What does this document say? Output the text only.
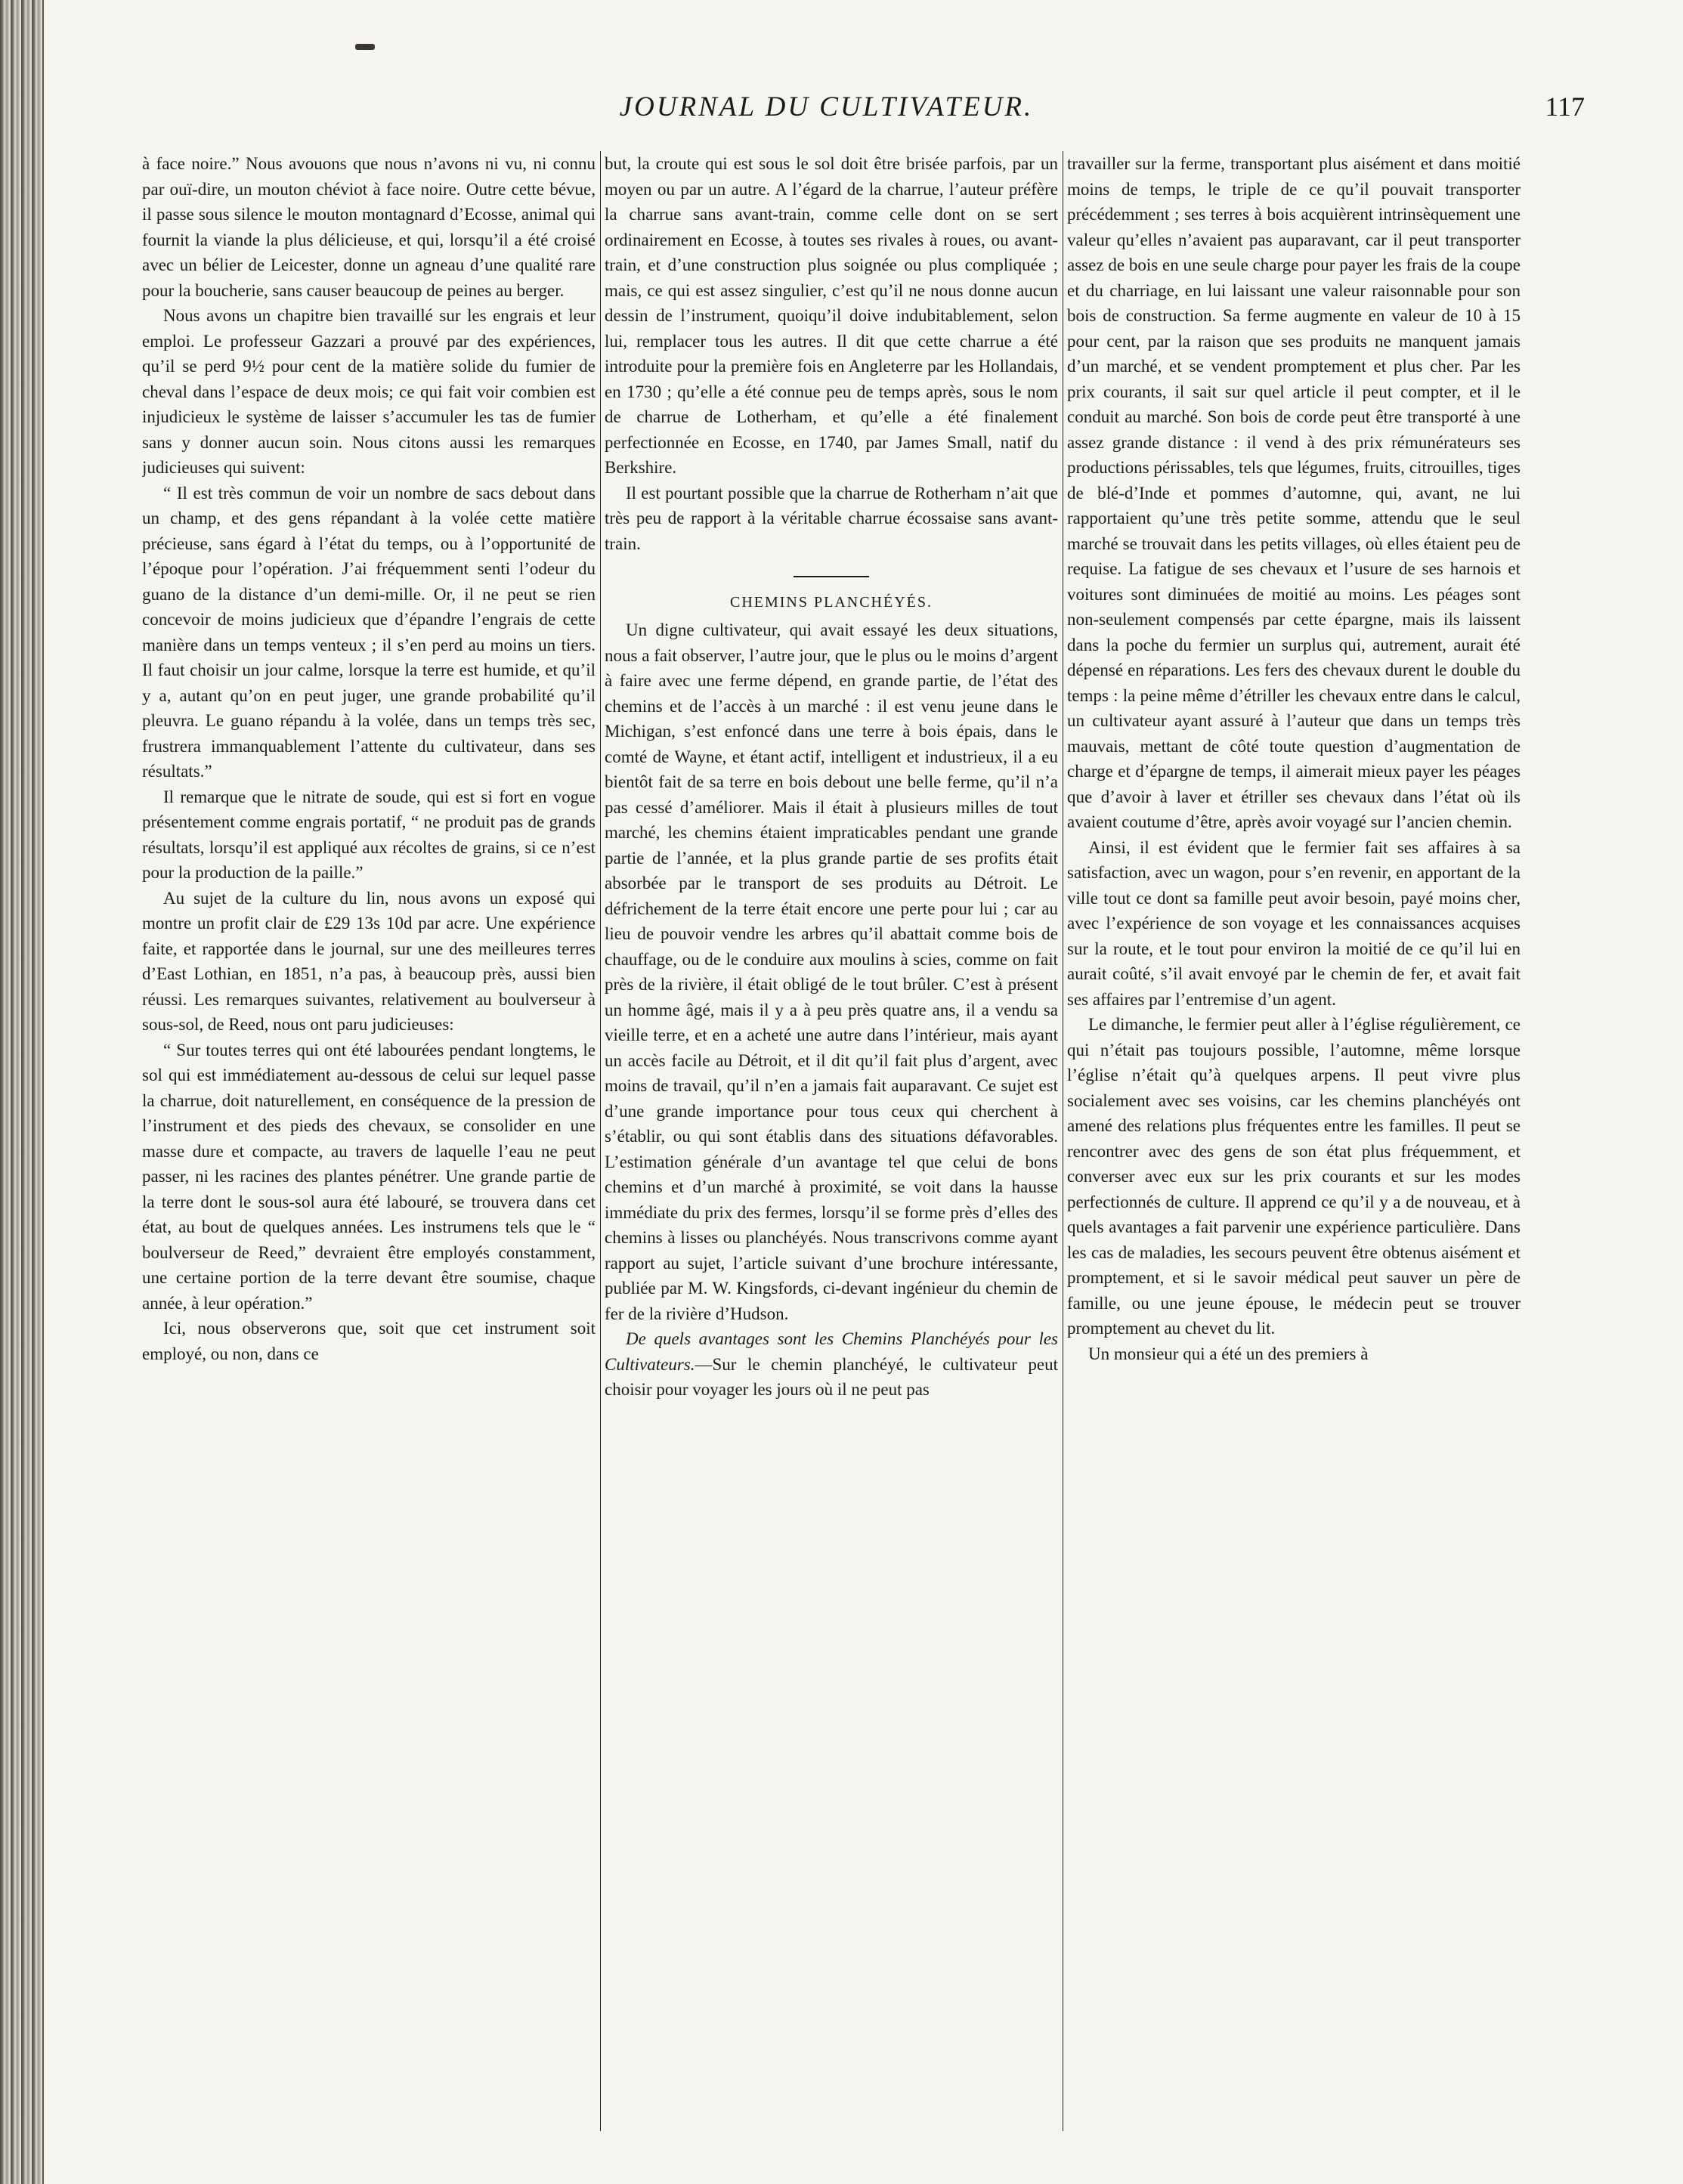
JOURNAL DU CULTIVATEUR.	117

à face noire.” Nous avouons que nous n’avons ni vu, ni connu par ouï-dire, un mouton chéviot à face noire. Outre cette bévue, il passe sous silence le mouton montagnard d’Ecosse, animal qui fournit la viande la plus délicieuse, et qui, lorsqu’il a été croisé avec un bélier de Leicester, donne un agneau d’une qualité rare pour la boucherie, sans causer beaucoup de peines au berger.

Nous avons un chapitre bien travaillé sur les engrais et leur emploi. Le professeur Gazzari a prouvé par des expériences, qu’il se perd 9½ pour cent de la matière solide du fumier de cheval dans l’espace de deux mois; ce qui fait voir combien est injudicieux le système de laisser s’accumuler les tas de fumier sans y donner aucun soin. Nous citons aussi les remarques judicieuses qui suivent:

“ Il est très commun de voir un nombre de sacs debout dans un champ, et des gens répandant à la volée cette matière précieuse, sans égard à l’état du temps, ou à l’opportunité de l’époque pour l’opération. J’ai fréquemment senti l’odeur du guano de la distance d’un demi-mille. Or, il ne peut se rien concevoir de moins judicieux que d’épandre l’engrais de cette manière dans un temps venteux ; il s’en perd au moins un tiers. Il faut choisir un jour calme, lorsque la terre est humide, et qu’il y a, autant qu’on en peut juger, une grande probabilité qu’il pleuvra. Le guano répandu à la volée, dans un temps très sec, frustrera immanquablement l’attente du cultivateur, dans ses résultats.”

Il remarque que le nitrate de soude, qui est si fort en vogue présentement comme engrais portatif, “ ne produit pas de grands résultats, lorsqu’il est appliqué aux récoltes de grains, si ce n’est pour la production de la paille.”

Au sujet de la culture du lin, nous avons un exposé qui montre un profit clair de £29 13s 10d par acre. Une expérience faite, et rapportée dans le journal, sur une des meilleures terres d’East Lothian, en 1851, n’a pas, à beaucoup près, aussi bien réussi. Les remarques suivantes, relativement au boulverseur à sous-sol, de Reed, nous ont paru judicieuses:

“ Sur toutes terres qui ont été labourées pendant longtems, le sol qui est immédiatement au-dessous de celui sur lequel passe la charrue, doit naturellement, en conséquence de la pression de l’instrument et des pieds des chevaux, se consolider en une masse dure et compacte, au travers de laquelle l’eau ne peut passer, ni les racines des plantes pénétrer. Une grande partie de la terre dont le sous-sol aura été labouré, se trouvera dans cet état, au bout de quelques années. Les instrumens tels que le “ boulverseur de Reed,” devraient être employés constamment, une certaine portion de la terre devant être soumise, chaque année, à leur opération.”

Ici, nous observerons que, soit que cet instrument soit employé, ou non, dans ce

but, la croute qui est sous le sol doit être brisée parfois, par un moyen ou par un autre. A l’égard de la charrue, l’auteur préfère la charrue sans avant-train, comme celle dont on se sert ordinairement en Ecosse, à toutes ses rivales à roues, ou avant-train, et d’une construction plus soignée ou plus compliquée ; mais, ce qui est assez singulier, c’est qu’il ne nous donne aucun dessin de l’instrument, quoiqu’il doive indubitablement, selon lui, remplacer tous les autres. Il dit que cette charrue a été introduite pour la première fois en Angleterre par les Hollandais, en 1730 ; qu’elle a été connue peu de temps après, sous le nom de charrue de Lotherham, et qu’elle a été finalement perfectionnée en Ecosse, en 1740, par James Small, natif du Berkshire.

Il est pourtant possible que la charrue de Rotherham n’ait que très peu de rapport à la véritable charrue écossaise sans avant-train.

CHEMINS PLANCHÉYÉS.

Un digne cultivateur, qui avait essayé les deux situations, nous a fait observer, l’autre jour, que le plus ou le moins d’argent à faire avec une ferme dépend, en grande partie, de l’état des chemins et de l’accès à un marché : il est venu jeune dans le Michigan, s’est enfoncé dans une terre à bois épais, dans le comté de Wayne, et étant actif, intelligent et industrieux, il a eu bientôt fait de sa terre en bois debout une belle ferme, qu’il n’a pas cessé d’améliorer. Mais il était à plusieurs milles de tout marché, les chemins étaient impraticables pendant une grande partie de l’année, et la plus grande partie de ses profits était absorbée par le transport de ses produits au Détroit. Le défrichement de la terre était encore une perte pour lui ; car au lieu de pouvoir vendre les arbres qu’il abattait comme bois de chauffage, ou de le conduire aux moulins à scies, comme on fait près de la rivière, il était obligé de le tout brûler. C’est à présent un homme âgé, mais il y a à peu près quatre ans, il a vendu sa vieille terre, et en a acheté une autre dans l’intérieur, mais ayant un accès facile au Détroit, et il dit qu’il fait plus d’argent, avec moins de travail, qu’il n’en a jamais fait auparavant. Ce sujet est d’une grande importance pour tous ceux qui cherchent à s’établir, ou qui sont établis dans des situations défavorables. L’estimation générale d’un avantage tel que celui de bons chemins et d’un marché à proximité, se voit dans la hausse immédiate du prix des fermes, lorsqu’il se forme près d’elles des chemins à lisses ou planchéyés. Nous transcrivons comme ayant rapport au sujet, l’article suivant d’une brochure intéressante, publiée par M. W. Kingsfords, ci-devant ingénieur du chemin de fer de la rivière d’Hudson.

De quels avantages sont les Chemins Planchéyés pour les Cultivateurs.—Sur le chemin planchéyé, le cultivateur peut choisir pour voyager les jours où il ne peut pas

travailler sur la ferme, transportant plus aisément et dans moitié moins de temps, le triple de ce qu’il pouvait transporter précédemment ; ses terres à bois acquièrent intrinsèquement une valeur qu’elles n’avaient pas auparavant, car il peut transporter assez de bois en une seule charge pour payer les frais de la coupe et du charriage, en lui laissant une valeur raisonnable pour son bois de construction. Sa ferme augmente en valeur de 10 à 15 pour cent, par la raison que ses produits ne manquent jamais d’un marché, et se vendent promptement et plus cher. Par les prix courants, il sait sur quel article il peut compter, et il le conduit au marché. Son bois de corde peut être transporté à une assez grande distance : il vend à des prix rémunérateurs ses productions périssables, tels que légumes, fruits, citrouilles, tiges de blé-d’Inde et pommes d’automne, qui, avant, ne lui rapportaient qu’une très petite somme, attendu que le seul marché se trouvait dans les petits villages, où elles étaient peu de requise. La fatigue de ses chevaux et l’usure de ses harnois et voitures sont diminuées de moitié au moins. Les péages sont non-seulement compensés par cette épargne, mais ils laissent dans la poche du fermier un surplus qui, autrement, aurait été dépensé en réparations. Les fers des chevaux durent le double du temps : la peine même d’étriller les chevaux entre dans le calcul, un cultivateur ayant assuré à l’auteur que dans un temps très mauvais, mettant de côté toute question d’augmentation de charge et d’épargne de temps, il aimerait mieux payer les péages que d’avoir à laver et étriller ses chevaux dans l’état où ils avaient coutume d’être, après avoir voyagé sur l’ancien chemin.

Ainsi, il est évident que le fermier fait ses affaires à sa satisfaction, avec un wagon, pour s’en revenir, en apportant de la ville tout ce dont sa famille peut avoir besoin, payé moins cher, avec l’expérience de son voyage et les connaissances acquises sur la route, et le tout pour environ la moitié de ce qu’il lui en aurait coûté, s’il avait envoyé par le chemin de fer, et avait fait ses affaires par l’entremise d’un agent.

Le dimanche, le fermier peut aller à l’église régulièrement, ce qui n’était pas toujours possible, l’automne, même lorsque l’église n’était qu’à quelques arpens. Il peut vivre plus socialement avec ses voisins, car les chemins planchéyés ont amené des relations plus fréquentes entre les familles. Il peut se rencontrer avec des gens de son état plus fréquemment, et converser avec eux sur les prix courants et sur les modes perfectionnés de culture. Il apprend ce qu’il y a de nouveau, et à quels avantages a fait parvenir une expérience particulière. Dans les cas de maladies, les secours peuvent être obtenus aisément et promptement, et si le savoir médical peut sauver un père de famille, ou une jeune épouse, le médecin peut se trouver promptement au chevet du lit.

Un monsieur qui a été un des premiers à
